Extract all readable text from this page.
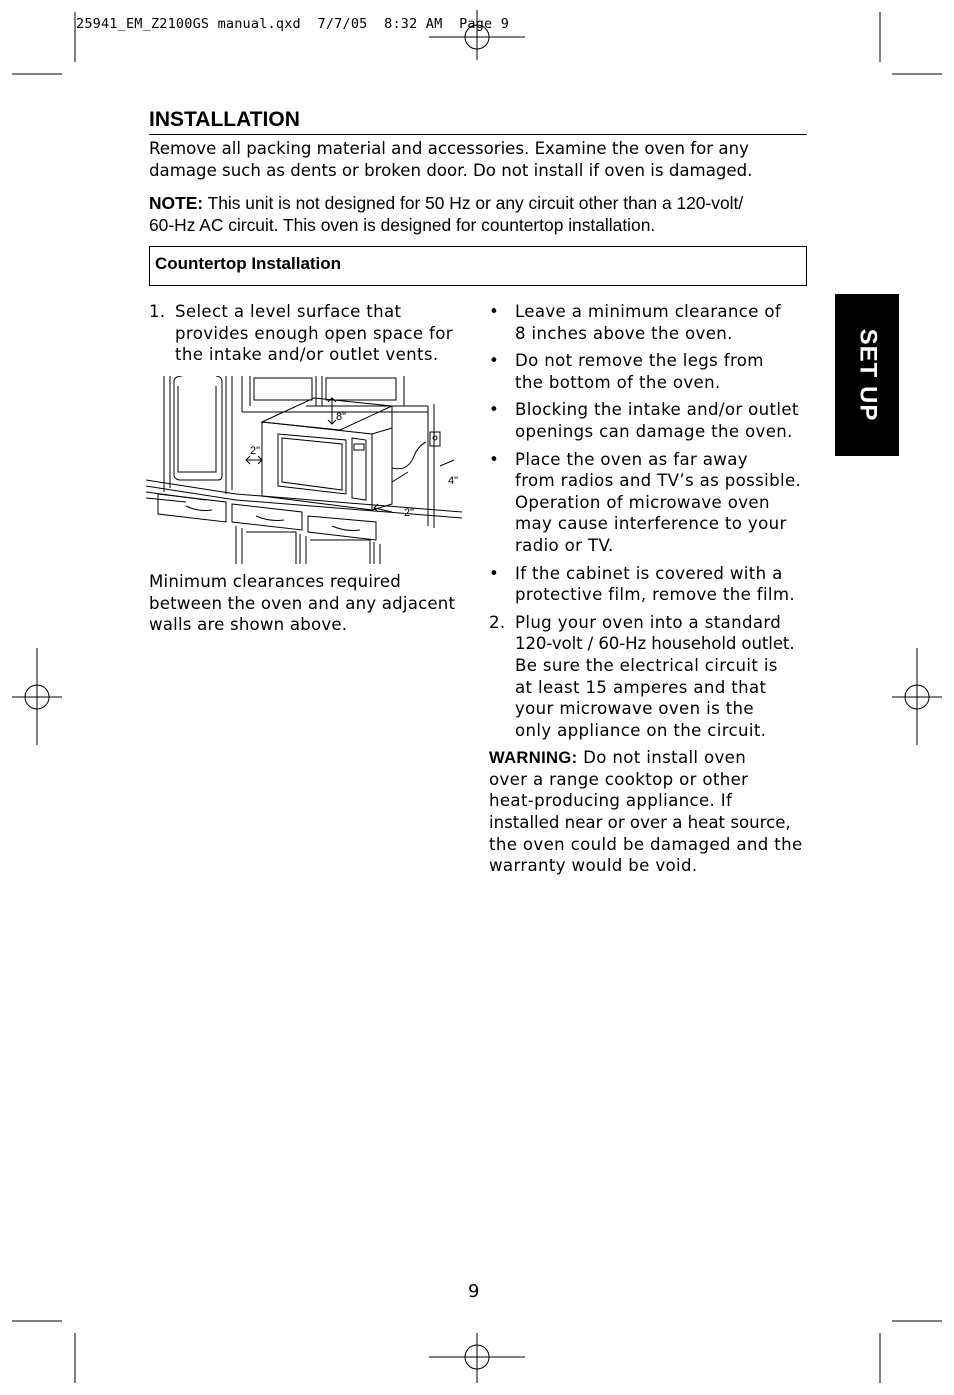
25941_EM_Z2100GS manual.qxd  7/7/05  8:32 AM  Page 9
INSTALLATION
Remove all packing material and accessories. Examine the oven for any
damage such as dents or broken door. Do not install if oven is damaged.
NOTE: This unit is not designed for 50 Hz or any circuit other than a 120-volt/
60-Hz AC circuit. This oven is designed for countertop installation.
Countertop Installation
1. Select a level surface that
provides enough open space for
the intake and/or outlet vents.
8"
2"
4"
2"
Minimum clearances required
between the oven and any adjacent
walls are shown above.
• Leave a minimum clearance of
8 inches above the oven.
• Do not remove the legs from
the bottom of the oven.
• Blocking the intake and/or outlet
openings can damage the oven.
• Place the oven as far away
from radios and TV’s as possible.
Operation of microwave oven
may cause interference to your
radio or TV.
• If the cabinet is covered with a
protective film, remove the film.
2. Plug your oven into a standard
120-volt / 60-Hz household outlet.
Be sure the electrical circuit is
at least 15 amperes and that
your microwave oven is the
only appliance on the circuit.
WARNING: Do not install oven
over a range cooktop or other
heat-producing appliance. If
installed near or over a heat source,
the oven could be damaged and the
warranty would be void.
SET UP
9
